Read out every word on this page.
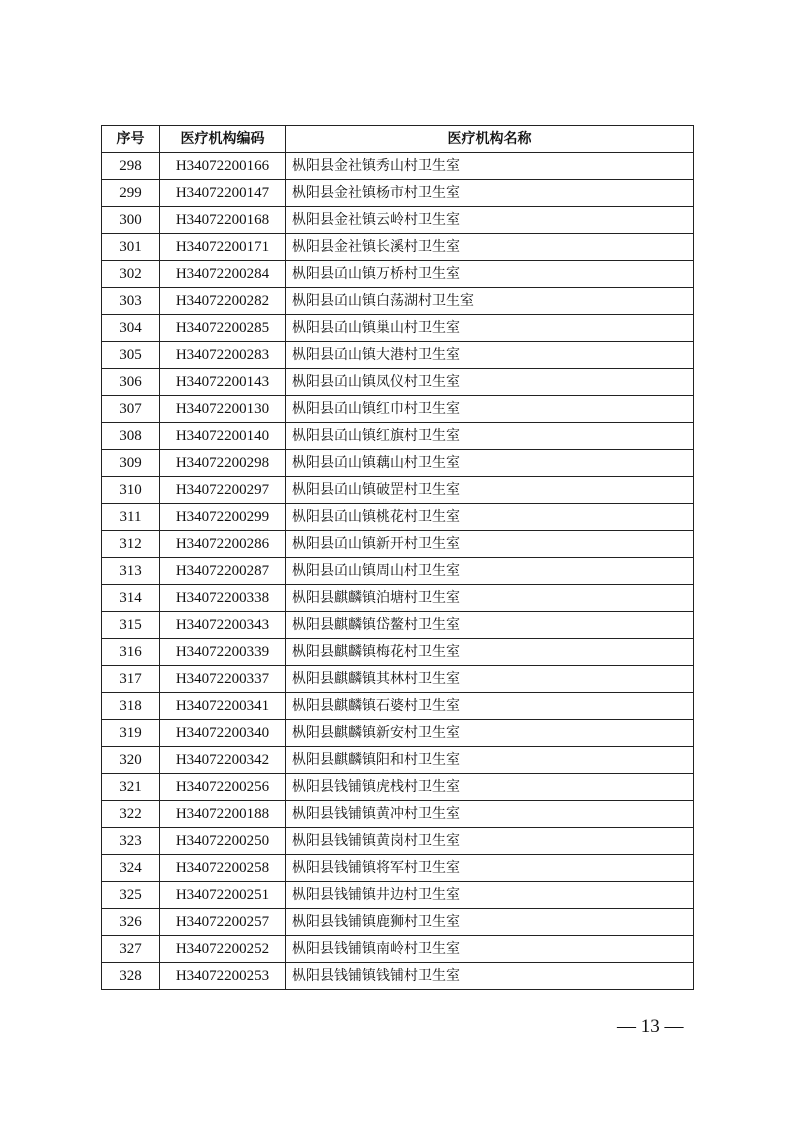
序号	医疗机构编码	医疗机构名称
298	H34072200166	枞阳县金社镇秀山村卫生室
299	H34072200147	枞阳县金社镇杨市村卫生室
300	H34072200168	枞阳县金社镇云岭村卫生室
301	H34072200171	枞阳县金社镇长溪村卫生室
302	H34072200284	枞阳县𠙶山镇万桥村卫生室
303	H34072200282	枞阳县𠙶山镇白荡湖村卫生室
304	H34072200285	枞阳县𠙶山镇巢山村卫生室
305	H34072200283	枞阳县𠙶山镇大港村卫生室
306	H34072200143	枞阳县𠙶山镇凤仪村卫生室
307	H34072200130	枞阳县𠙶山镇红巾村卫生室
308	H34072200140	枞阳县𠙶山镇红旗村卫生室
309	H34072200298	枞阳县𠙶山镇藕山村卫生室
310	H34072200297	枞阳县𠙶山镇破罡村卫生室
311	H34072200299	枞阳县𠙶山镇桃花村卫生室
312	H34072200286	枞阳县𠙶山镇新开村卫生室
313	H34072200287	枞阳县𠙶山镇周山村卫生室
314	H34072200338	枞阳县麒麟镇泊塘村卫生室
315	H34072200343	枞阳县麒麟镇岱鳌村卫生室
316	H34072200339	枞阳县麒麟镇梅花村卫生室
317	H34072200337	枞阳县麒麟镇其林村卫生室
318	H34072200341	枞阳县麒麟镇石婆村卫生室
319	H34072200340	枞阳县麒麟镇新安村卫生室
320	H34072200342	枞阳县麒麟镇阳和村卫生室
321	H34072200256	枞阳县钱铺镇虎栈村卫生室
322	H34072200188	枞阳县钱铺镇黄冲村卫生室
323	H34072200250	枞阳县钱铺镇黄岗村卫生室
324	H34072200258	枞阳县钱铺镇将军村卫生室
325	H34072200251	枞阳县钱铺镇井边村卫生室
326	H34072200257	枞阳县钱铺镇鹿狮村卫生室
327	H34072200252	枞阳县钱铺镇南岭村卫生室
328	H34072200253	枞阳县钱铺镇钱铺村卫生室
— 13 —
